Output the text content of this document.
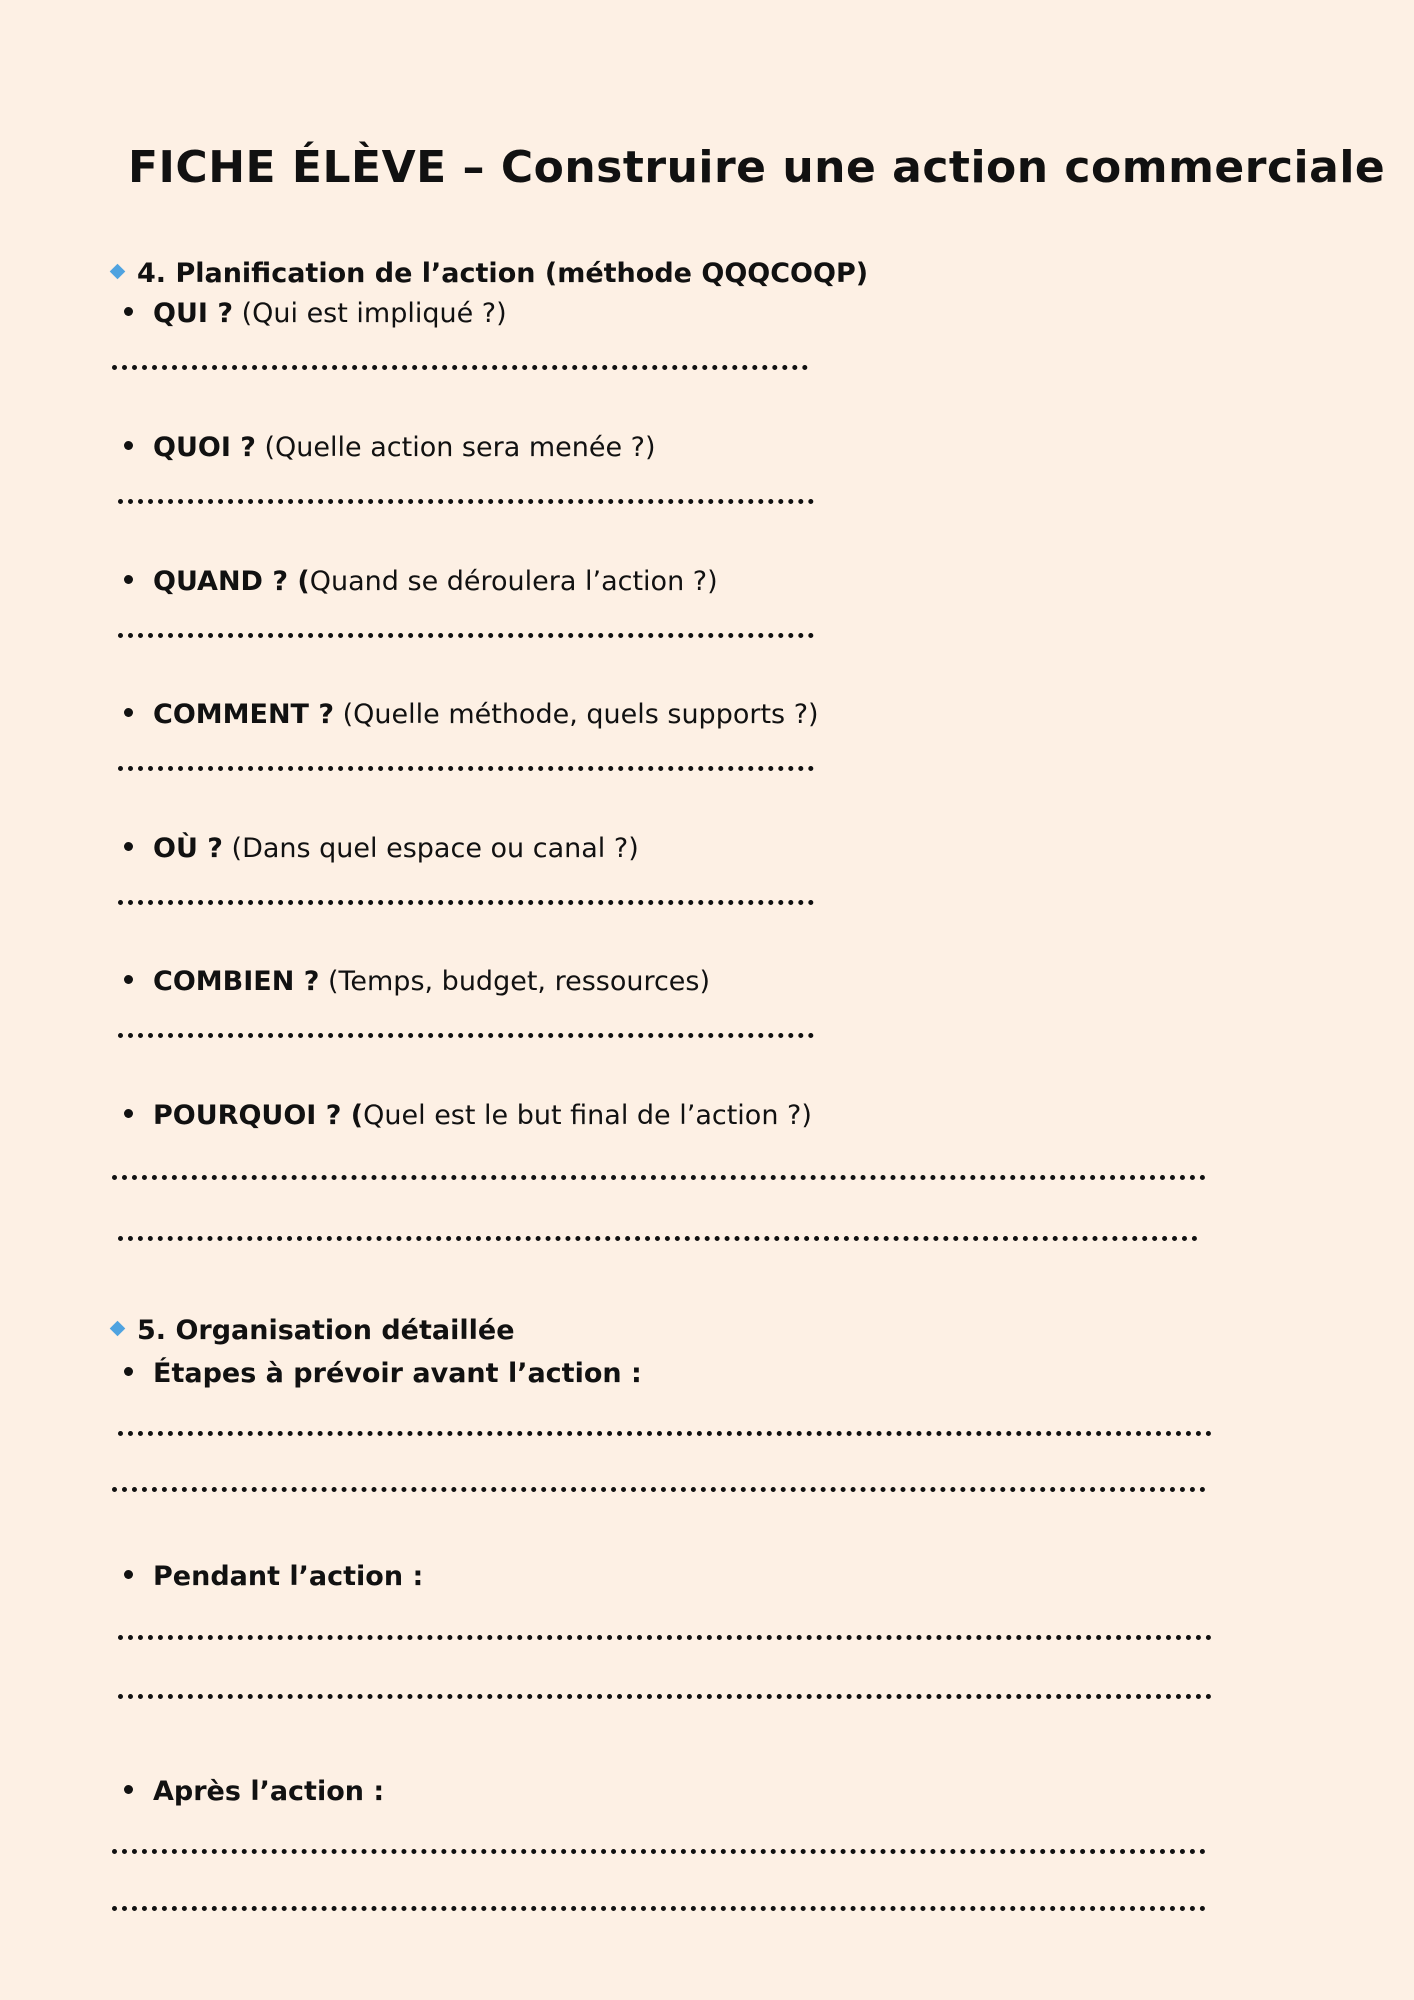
FICHE ÉLÈVE – Construire une action commerciale
4. Planification de l’action (méthode QQQCOQP)
QUI ? (Qui est impliqué ?)
QUOI ? (Quelle action sera menée ?)
QUAND ? (Quand se déroulera l’action ?)
COMMENT ? (Quelle méthode, quels supports ?)
OÙ ? (Dans quel espace ou canal ?)
COMBIEN ? (Temps, budget, ressources)
POURQUOI ? (Quel est le but final de l’action ?)
5. Organisation détaillée
Étapes à prévoir avant l’action :
Pendant l’action :
Après l’action :
